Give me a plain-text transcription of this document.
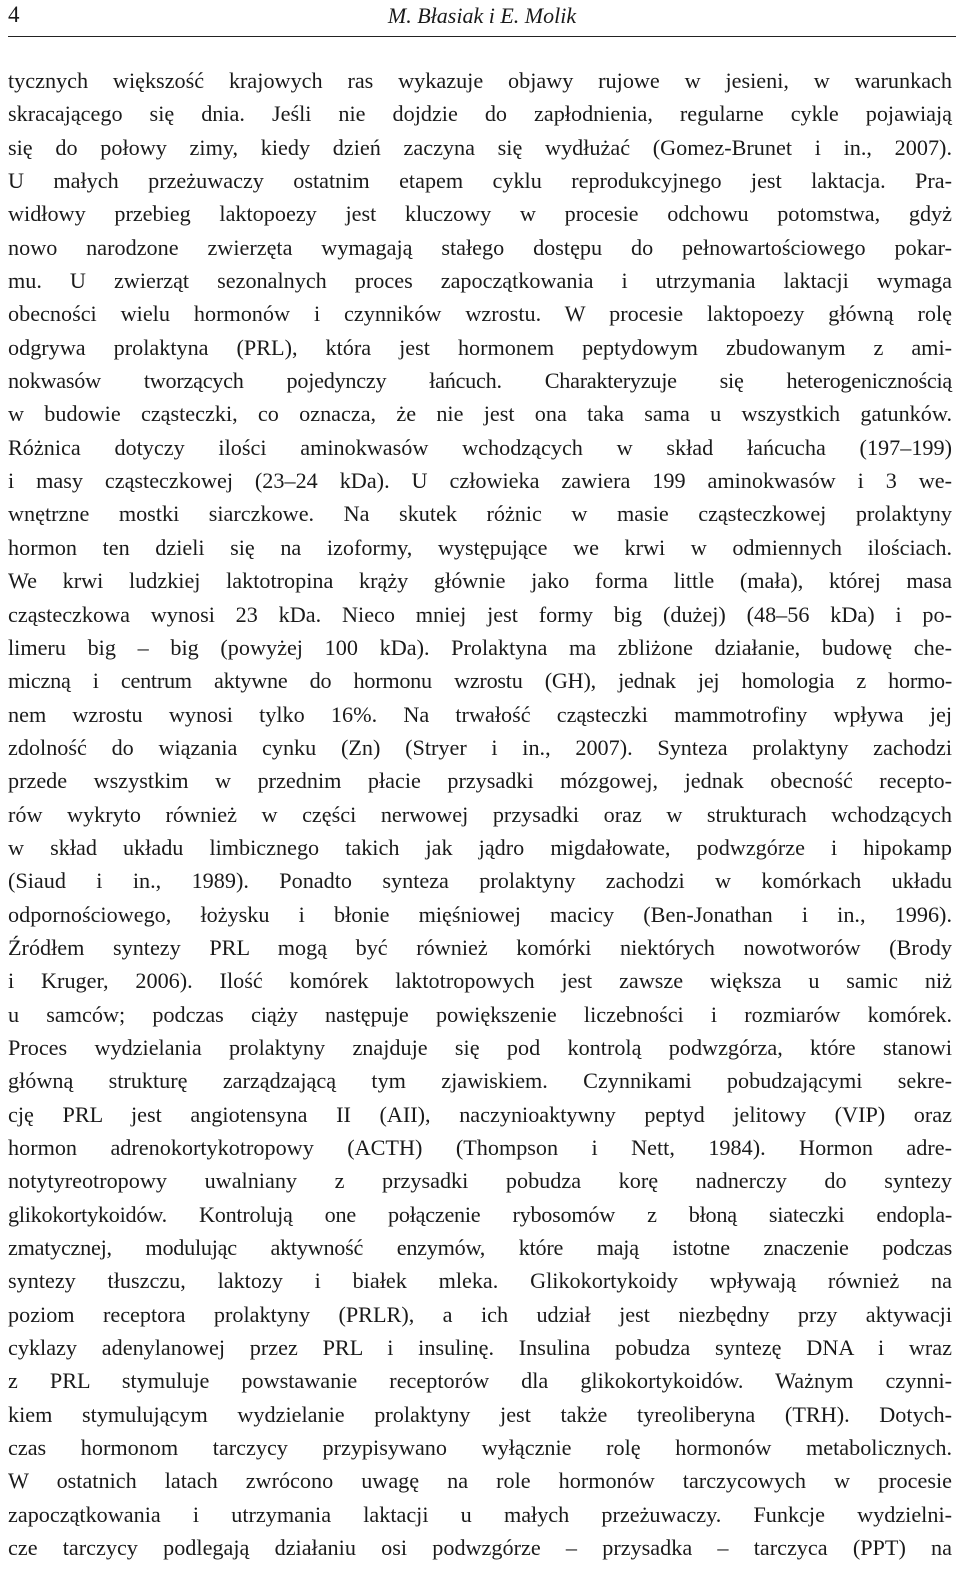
4	M. Błasiak i E. Molik
tycznych większość krajowych ras wykazuje objawy rujowe w jesieni, w warunkach
skracającego się dnia. Jeśli nie dojdzie do zapłodnienia, regularne cykle pojawiają
się do połowy zimy, kiedy dzień zaczyna się wydłużać (Gomez-Brunet i in., 2007).
U małych przeżuwaczy ostatnim etapem cyklu reprodukcyjnego jest laktacja. Pra-
widłowy przebieg laktopoezy jest kluczowy w procesie odchowu potomstwa, gdyż
nowo narodzone zwierzęta wymagają stałego dostępu do pełnowartościowego pokar-
mu. U zwierząt sezonalnych proces zapoczątkowania i utrzymania laktacji wymaga
obecności wielu hormonów i czynników wzrostu. W procesie laktopoezy główną rolę
odgrywa prolaktyna (PRL), która jest hormonem peptydowym zbudowanym z ami-
nokwasów tworzących pojedynczy łańcuch. Charakteryzuje się heterogenicznością
w budowie cząsteczki, co oznacza, że nie jest ona taka sama u wszystkich gatunków.
Różnica dotyczy ilości aminokwasów wchodzących w skład łańcucha (197–199)
i masy cząsteczkowej (23–24 kDa). U człowieka zawiera 199 aminokwasów i 3 we-
wnętrzne mostki siarczkowe. Na skutek różnic w masie cząsteczkowej prolaktyny
hormon ten dzieli się na izoformy, występujące we krwi w odmiennych ilościach.
We krwi ludzkiej laktotropina krąży głównie jako forma little (mała), której masa
cząsteczkowa wynosi 23 kDa. Nieco mniej jest formy big (dużej) (48–56 kDa) i po-
limeru big – big (powyżej 100 kDa). Prolaktyna ma zbliżone działanie, budowę che-
miczną i centrum aktywne do hormonu wzrostu (GH), jednak jej homologia z hormo-
nem wzrostu wynosi tylko 16%. Na trwałość cząsteczki mammotrofiny wpływa jej
zdolność do wiązania cynku (Zn) (Stryer i in., 2007). Synteza prolaktyny zachodzi
przede wszystkim w przednim płacie przysadki mózgowej, jednak obecność recepto-
rów wykryto również w części nerwowej przysadki oraz w strukturach wchodzących
w skład układu limbicznego takich jak jądro migdałowate, podwzgórze i hipokamp
(Siaud i in., 1989). Ponadto synteza prolaktyny zachodzi w komórkach układu
odpornościowego, łożysku i błonie mięśniowej macicy (Ben-Jonathan i in., 1996).
Źródłem syntezy PRL mogą być również komórki niektórych nowotworów (Brody
i Kruger, 2006). Ilość komórek laktotropowych jest zawsze większa u samic niż
u samców; podczas ciąży następuje powiększenie liczebności i rozmiarów komórek.
Proces wydzielania prolaktyny znajduje się pod kontrolą podwzgórza, które stanowi
główną strukturę zarządzającą tym zjawiskiem. Czynnikami pobudzającymi sekre-
cję PRL jest angiotensyna II (AII), naczynioaktywny peptyd jelitowy (VIP) oraz
hormon adrenokortykotropowy (ACTH) (Thompson i Nett, 1984). Hormon adre-
notytyreotropowy uwalniany z przysadki pobudza korę nadnerczy do syntezy
glikokortykoidów. Kontrolują one połączenie rybosomów z błoną siateczki endopla-
zmatycznej, modulując aktywność enzymów, które mają istotne znaczenie podczas
syntezy tłuszczu, laktozy i białek mleka. Glikokortykoidy wpływają również na
poziom receptora prolaktyny (PRLR), a ich udział jest niezbędny przy aktywacji
cyklazy adenylanowej przez PRL i insulinę. Insulina pobudza syntezę DNA i wraz
z PRL stymuluje powstawanie receptorów dla glikokortykoidów. Ważnym czynni-
kiem stymulującym wydzielanie prolaktyny jest także tyreoliberyna (TRH). Dotych-
czas hormonom tarczycy przypisywano wyłącznie rolę hormonów metabolicznych.
W ostatnich latach zwrócono uwagę na role hormonów tarczycowych w procesie
zapoczątkowania i utrzymania laktacji u małych przeżuwaczy. Funkcje wydzielni-
cze tarczycy podlegają działaniu osi podwzgórze – przysadka – tarczyca (PPT) na
